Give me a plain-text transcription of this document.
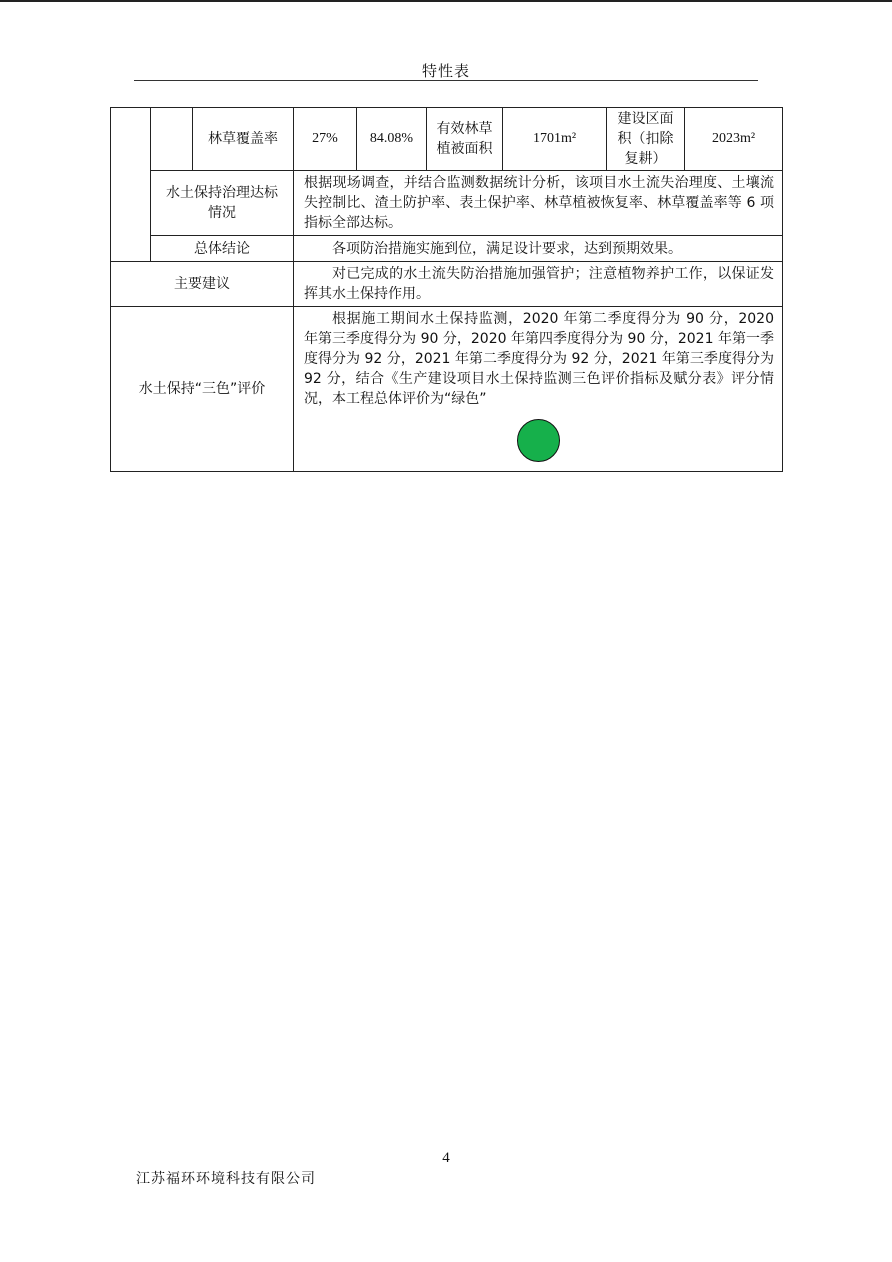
特性表
		林草覆盖率	27%	84.08%	有效林草植被面积	1701m²	建设区面积（扣除复耕）	2023m²
	水土保持治理达标情况		根据现场调查，并结合监测数据统计分析，该项目水土流失治理度、土壤流失控制比、渣土防护率、表土保护率、林草植被恢复率、林草覆盖率等 6 项指标全部达标。					
	总体结论		各项防治措施实施到位，满足设计要求，达到预期效果。					
主要建议			对已完成的水土流失防治措施加强管护；注意植物养护工作，以保证发挥其水土保持作用。					
水土保持“三色”评价			根据施工期间水土保持监测，2020 年第二季度得分为 90 分，2020 年第三季度得分为 90 分，2020 年第四季度得分为 90 分，2021 年第一季度得分为 92 分，2021 年第二季度得分为 92 分，2021 年第三季度得分为 92 分，结合《生产建设项目水土保持监测三色评价指标及赋分表》评分情况，本工程总体评价为“绿色”					
4
江苏福环环境科技有限公司
